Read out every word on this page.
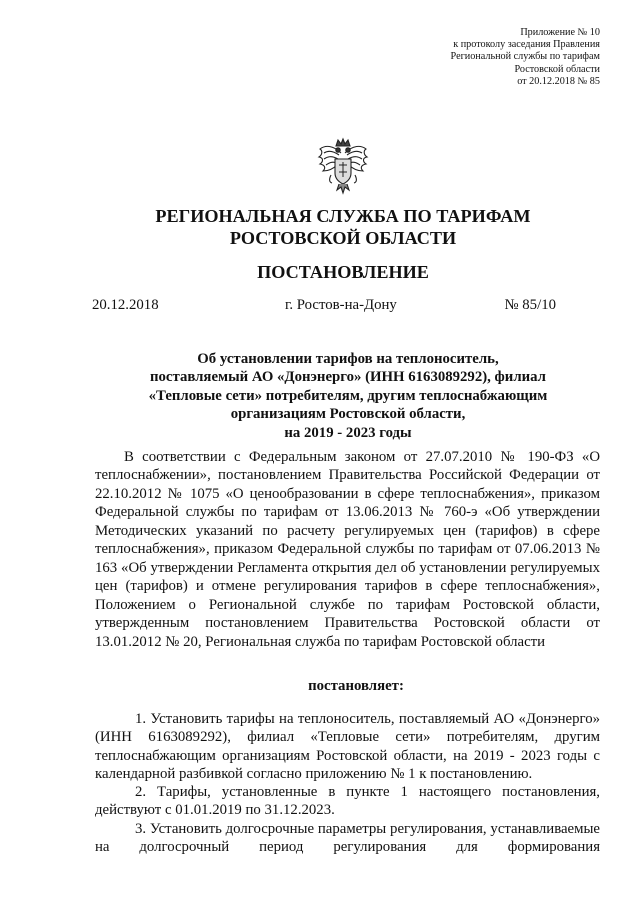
Приложение № 10
к протоколу заседания Правления
Региональной службы по тарифам
Ростовской области
от 20.12.2018 № 85
РЕГИОНАЛЬНАЯ СЛУЖБА ПО ТАРИФАМ
РОСТОВСКОЙ ОБЛАСТИ
ПОСТАНОВЛЕНИЕ
20.12.2018	г. Ростов-на-Дону	№ 85/10
Об установлении тарифов на теплоноситель,
поставляемый АО «Донэнерго» (ИНН 6163089292), филиал
«Тепловые сети» потребителям, другим теплоснабжающим
организациям Ростовской области,
на 2019 - 2023 годы

В соответствии с Федеральным законом от 27.07.2010 № 190-ФЗ «О теплоснабжении», постановлением Правительства Российской Федерации от 22.10.2012 № 1075 «О ценообразовании в сфере теплоснабжения», приказом Федеральной службы по тарифам от 13.06.2013 № 760-э «Об утверждении Методических указаний по расчету регулируемых цен (тарифов) в сфере теплоснабжения», приказом Федеральной службы по тарифам от 07.06.2013 № 163 «Об утверждении Регламента открытия дел об установлении регулируемых цен (тарифов) и отмене регулирования тарифов в сфере теплоснабжения», Положением о Региональной службе по тарифам Ростовской области, утвержденным постановлением Правительства Ростовской области от 13.01.2012 № 20, Региональная служба по тарифам Ростовской области

постановляет:

1. Установить тарифы на теплоноситель, поставляемый АО «Донэнерго» (ИНН 6163089292), филиал «Тепловые сети» потребителям, другим теплоснабжающим организациям Ростовской области, на 2019 - 2023 годы с календарной разбивкой согласно приложению № 1 к постановлению.

2. Тарифы, установленные в пункте 1 настоящего постановления, действуют с 01.01.2019 по 31.12.2023.

3. Установить долгосрочные параметры регулирования, устанавливаемые на долгосрочный период регулирования для формирования
